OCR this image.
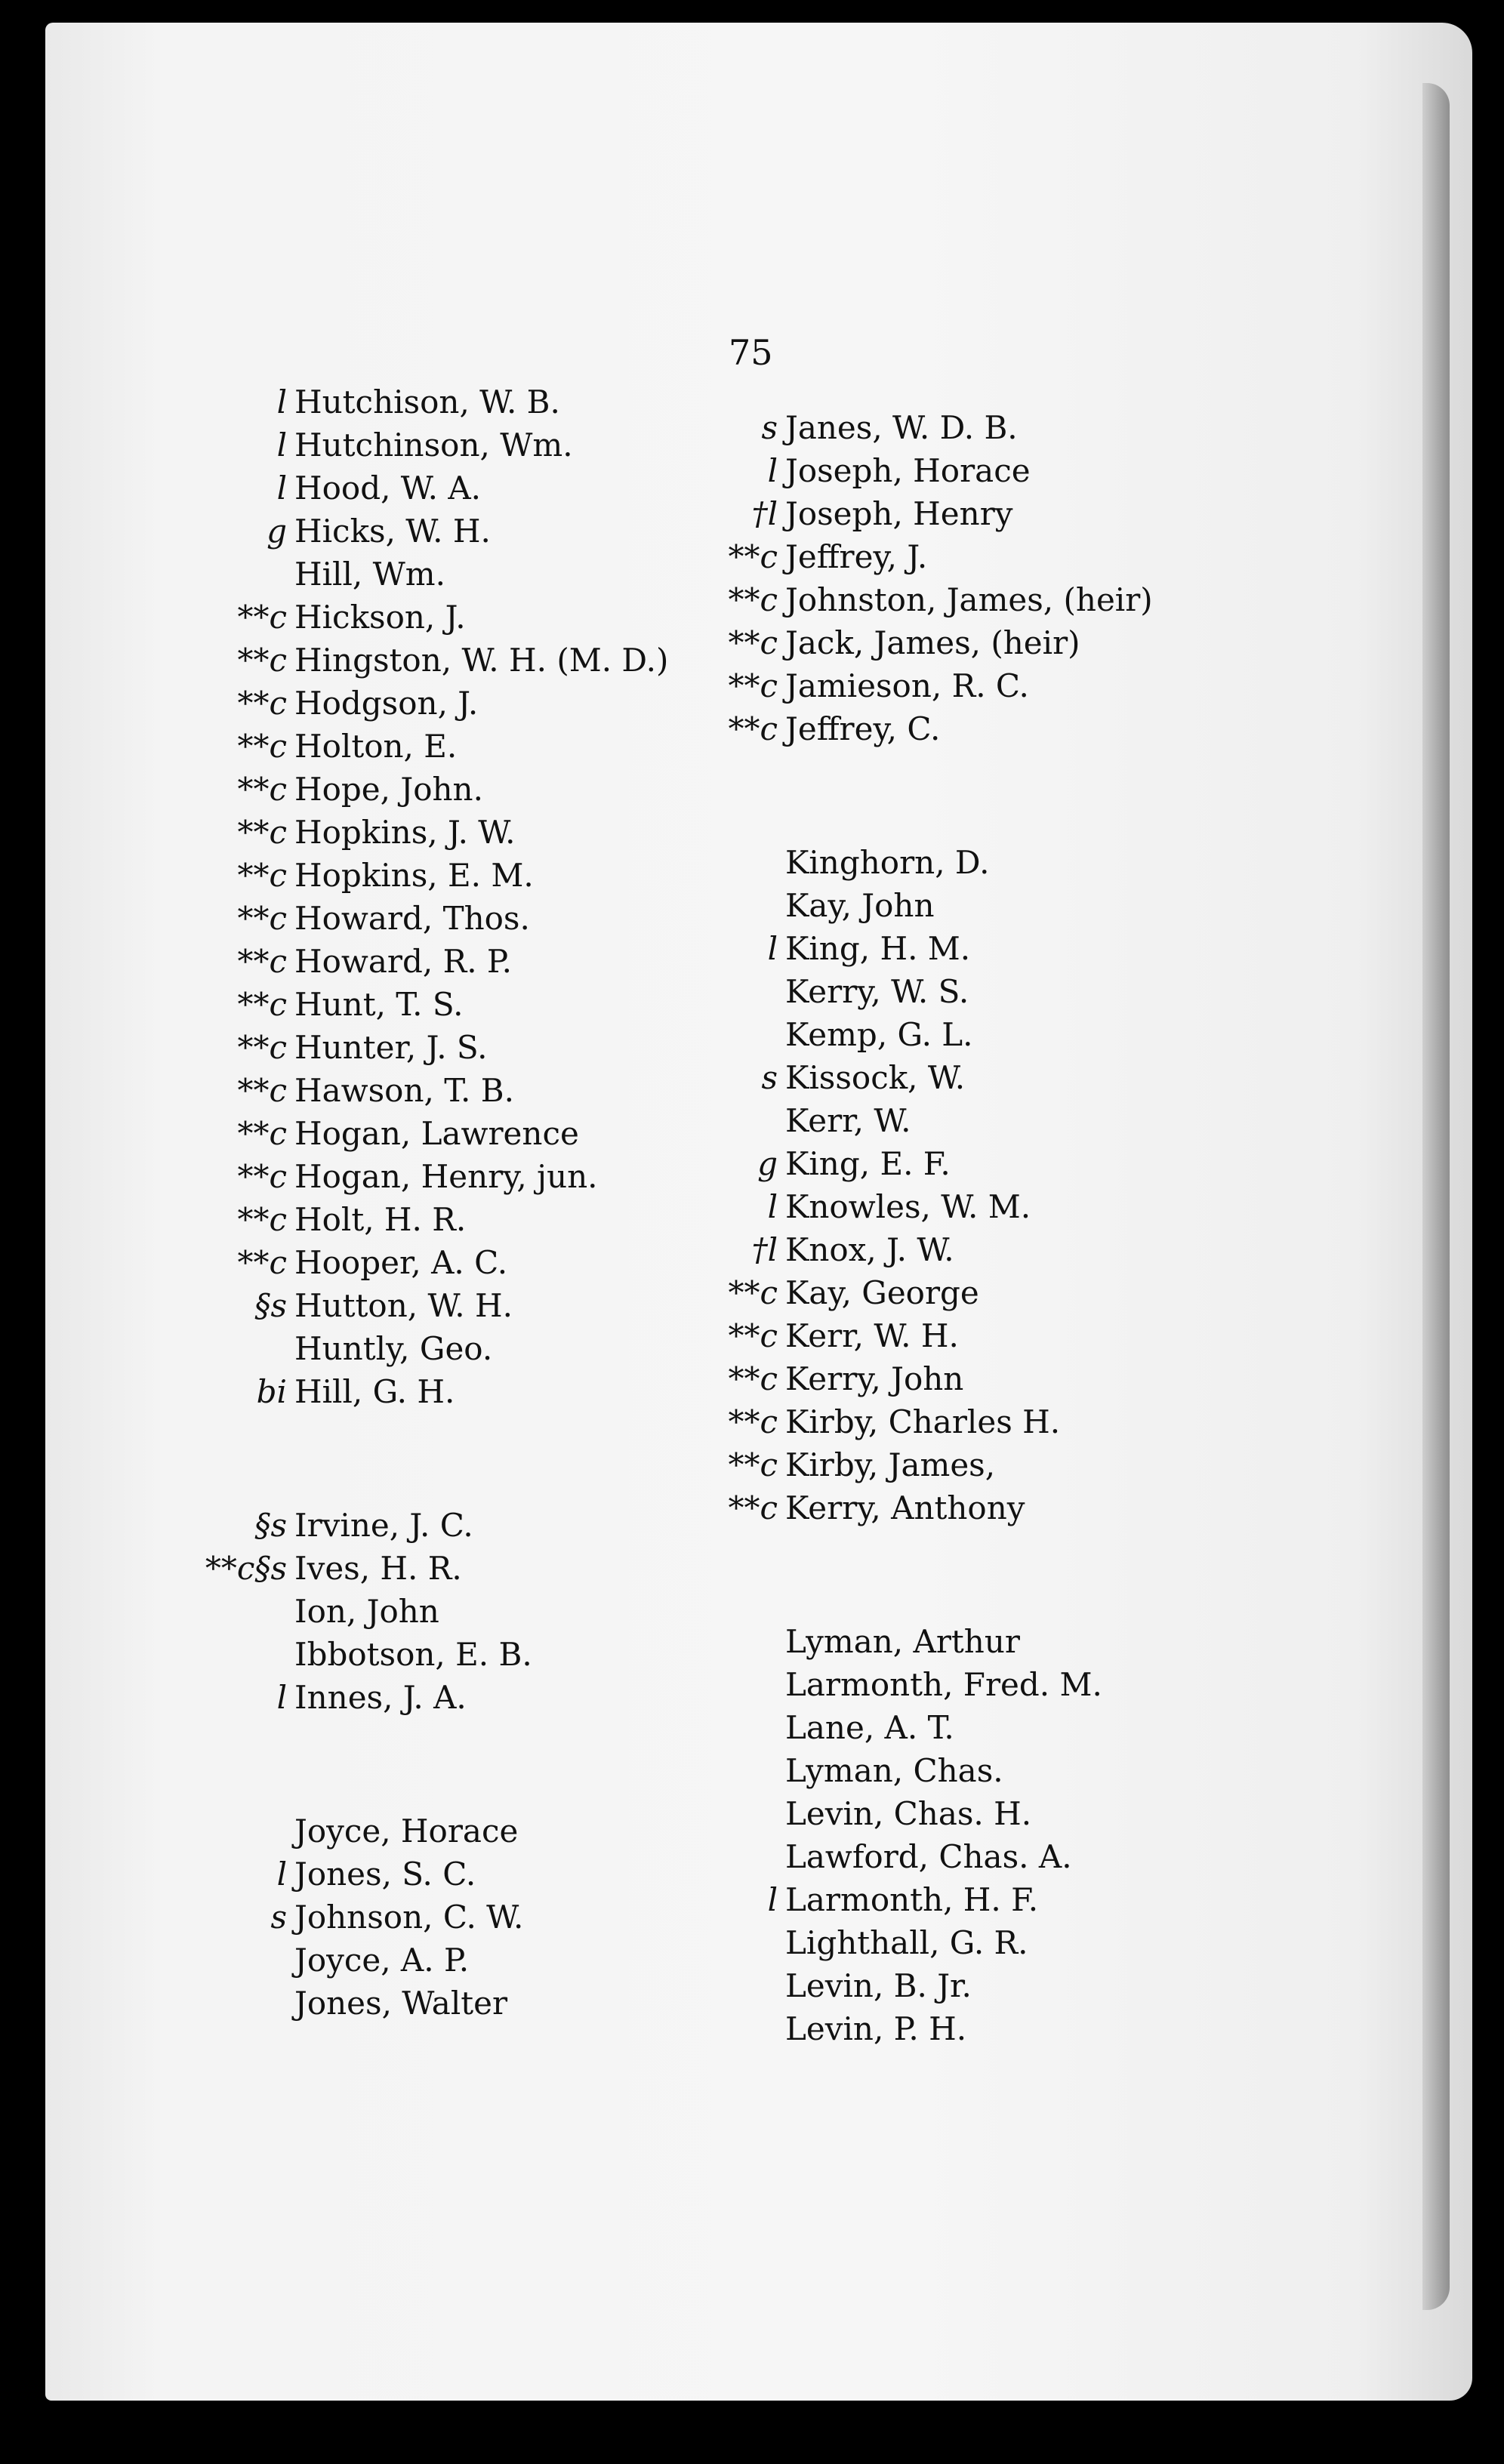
75
l Hutchison, W. B.
l Hutchinson, Wm.
l Hood, W. A.
g Hicks, W. H.
Hill, Wm.
**c Hickson, J.
**c Hingston, W. H. (M. D.)
**c Hodgson, J.
**c Holton, E.
**c Hope, John.
**c Hopkins, J. W.
**c Hopkins, E. M.
**c Howard, Thos.
**c Howard, R. P.
**c Hunt, T. S.
**c Hunter, J. S.
**c Hawson, T. B.
**c Hogan, Lawrence
**c Hogan, Henry, jun.
**c Holt, H. R.
**c Hooper, A. C.
§s Hutton, W. H.
Huntly, Geo.
bi Hill, G. H.
§s Irvine, J. C.
**c§s Ives, H. R.
Ion, John
Ibbotson, E. B.
l Innes, J. A.
Joyce, Horace
l Jones, S. C.
s Johnson, C. W.
Joyce, A. P.
Jones, Walter
s Janes, W. D. B.
l Joseph, Horace
†l Joseph, Henry
**c Jeffrey, J.
**c Johnston, James, (heir)
**c Jack, James, (heir)
**c Jamieson, R. C.
**c Jeffrey, C.
Kinghorn, D.
Kay, John
l King, H. M.
Kerry, W. S.
Kemp, G. L.
s Kissock, W.
Kerr, W.
g King, E. F.
l Knowles, W. M.
†l Knox, J. W.
**c Kay, George
**c Kerr, W. H.
**c Kerry, John
**c Kirby, Charles H.
**c Kirby, James,
**c Kerry, Anthony
Lyman, Arthur
Larmonth, Fred. M.
Lane, A. T.
Lyman, Chas.
Levin, Chas. H.
Lawford, Chas. A.
l Larmonth, H. F.
Lighthall, G. R.
Levin, B. Jr.
Levin, P. H.
